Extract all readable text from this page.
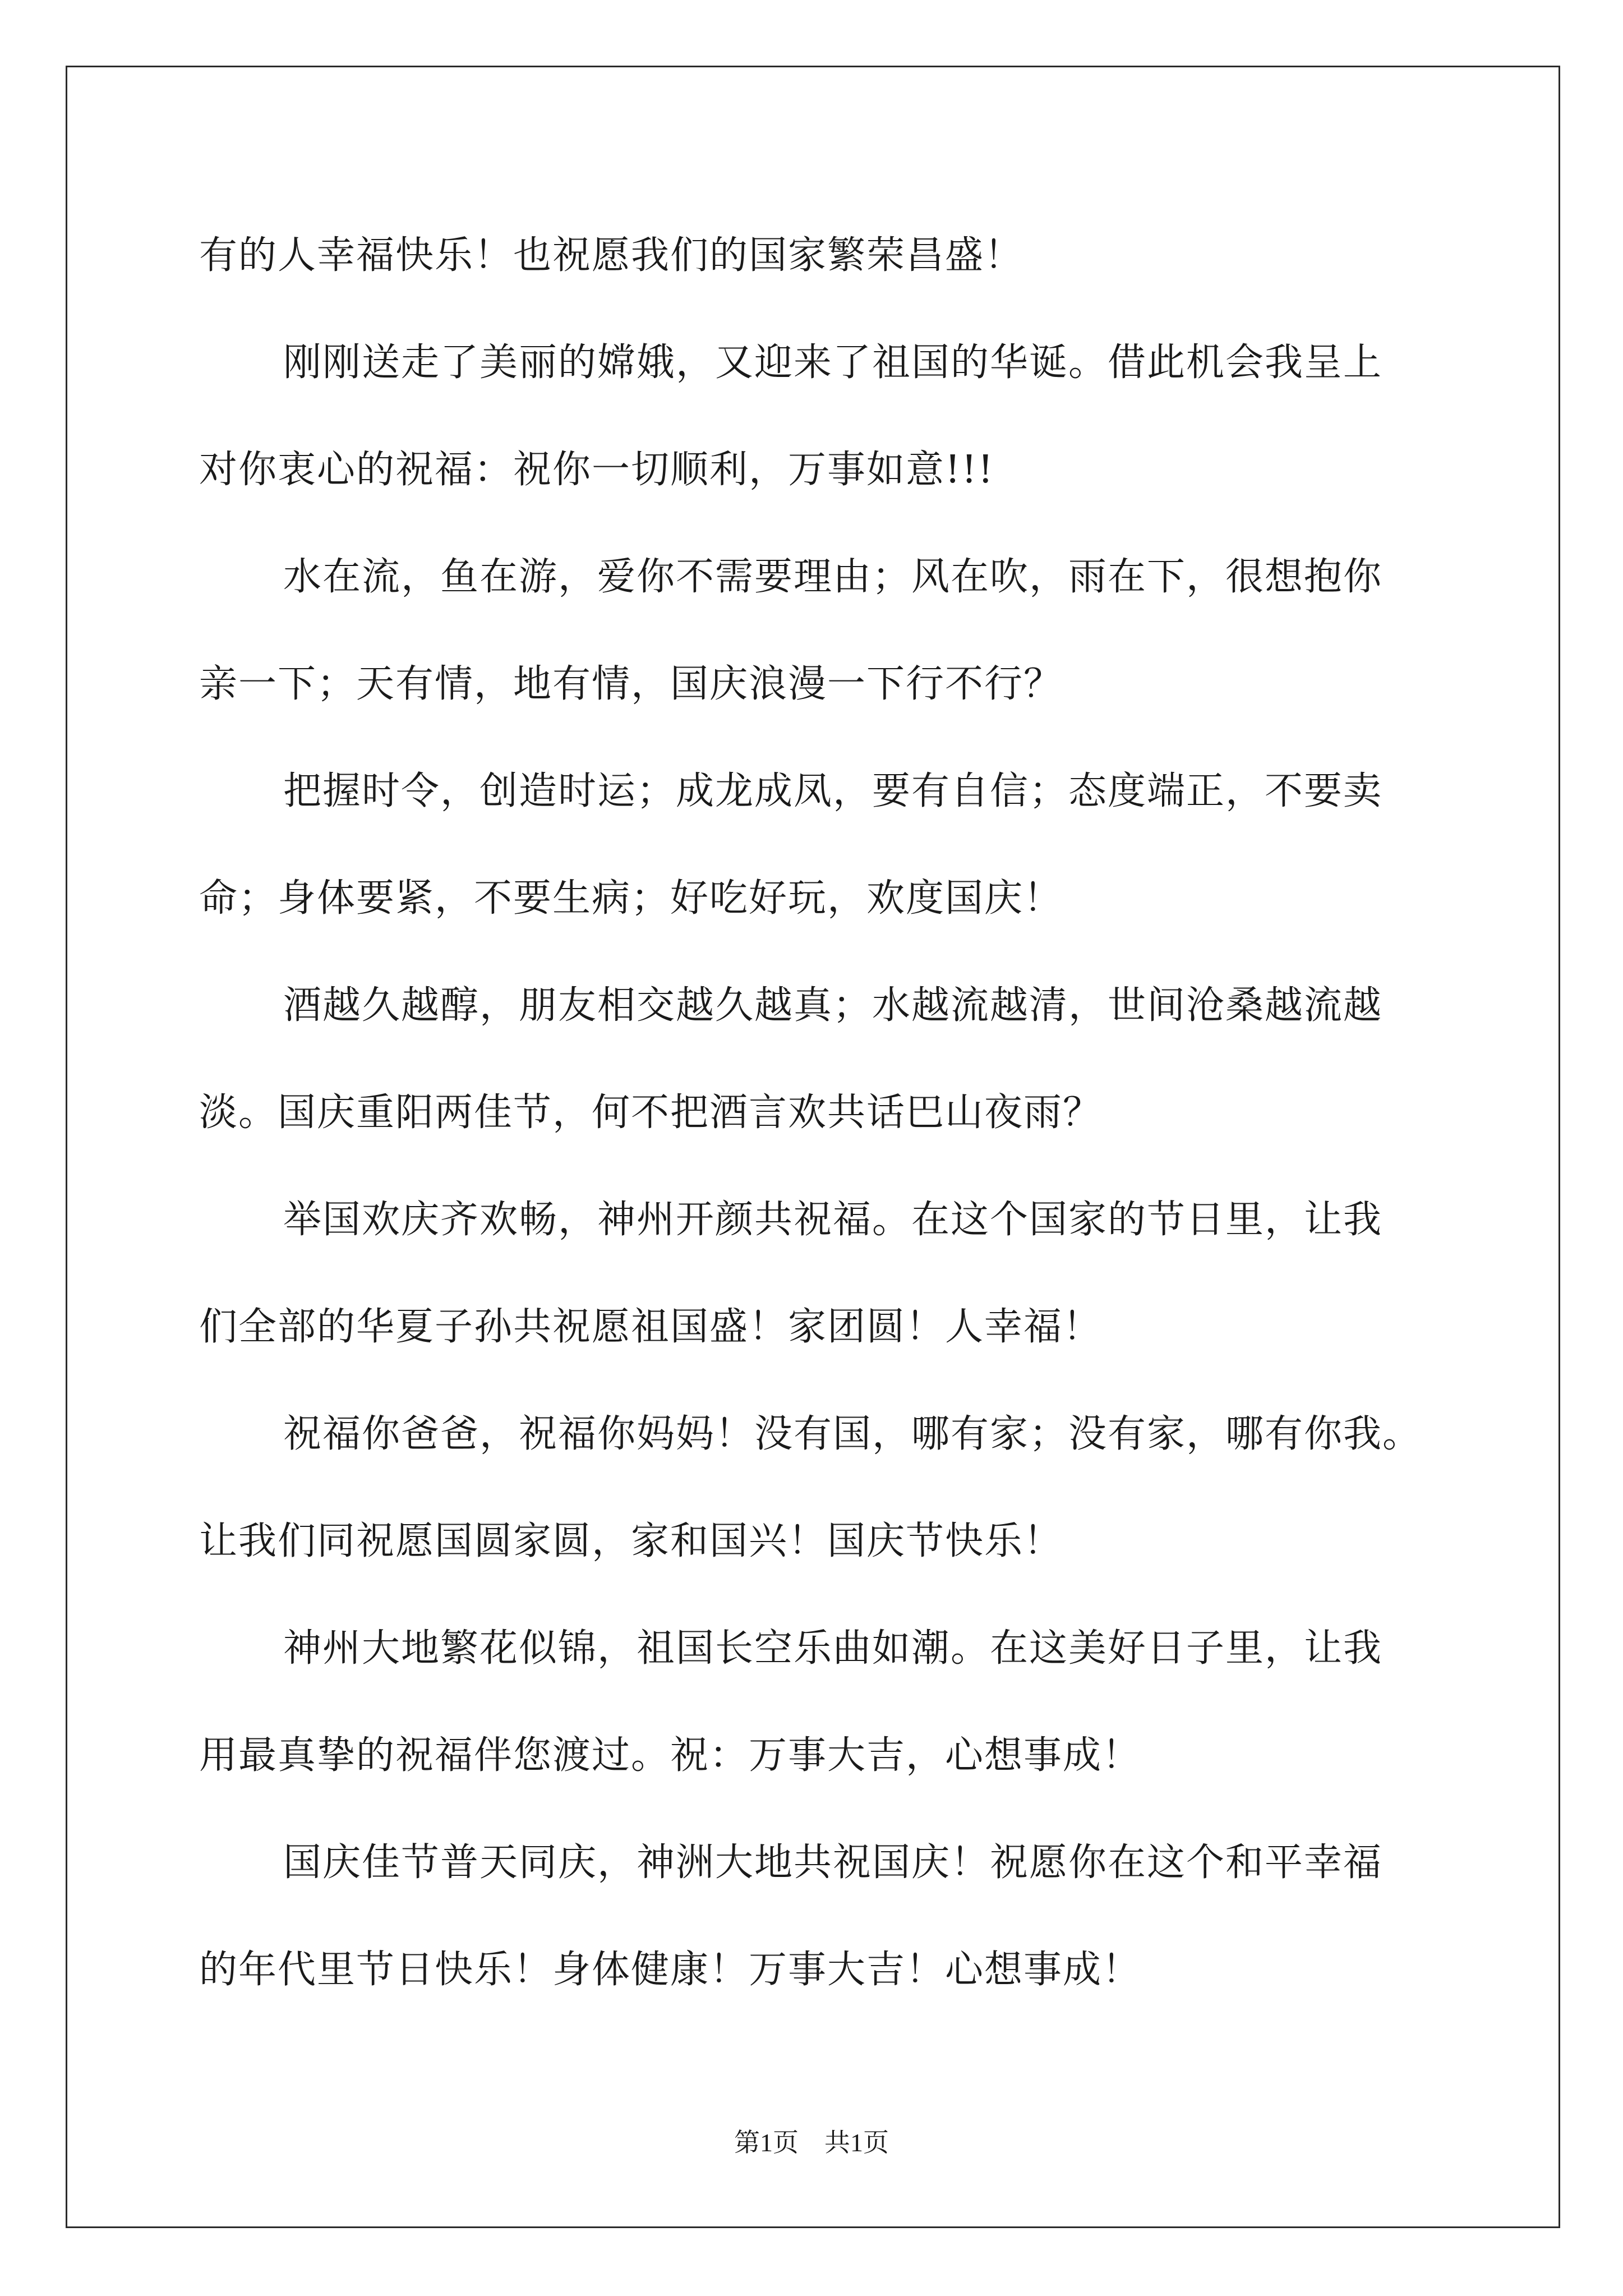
有的人幸福快乐！也祝愿我们的国家繁荣昌盛！
刚刚送走了美丽的嫦娥，又迎来了祖国的华诞。借此机会我呈上
对你衷心的祝福：祝你一切顺利，万事如意!!!
水在流，鱼在游，爱你不需要理由；风在吹，雨在下，很想抱你
亲一下；天有情，地有情，国庆浪漫一下行不行？
把握时令，创造时运；成龙成凤，要有自信；态度端正，不要卖
命；身体要紧，不要生病；好吃好玩，欢度国庆！
酒越久越醇，朋友相交越久越真；水越流越清，世间沧桑越流越
淡。国庆重阳两佳节，何不把酒言欢共话巴山夜雨？
举国欢庆齐欢畅，神州开颜共祝福。在这个国家的节日里，让我
们全部的华夏子孙共祝愿祖国盛！家团圆！人幸福！
祝福你爸爸，祝福你妈妈！没有国，哪有家；没有家，哪有你我。
让我们同祝愿国圆家圆，家和国兴！国庆节快乐！
神州大地繁花似锦，祖国长空乐曲如潮。在这美好日子里，让我
用最真挚的祝福伴您渡过。祝：万事大吉，心想事成！
国庆佳节普天同庆，神洲大地共祝国庆！祝愿你在这个和平幸福
的年代里节日快乐！身体健康！万事大吉！心想事成！
第1页　共1页
